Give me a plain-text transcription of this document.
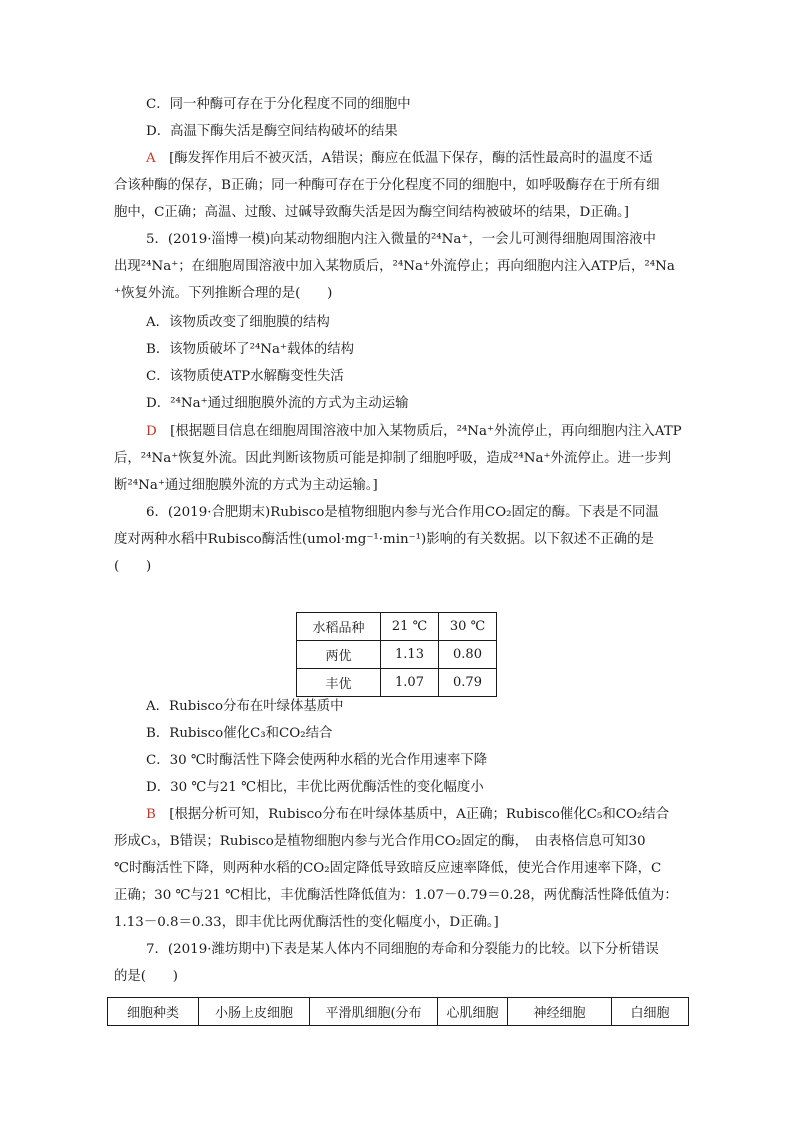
C．同一种酶可存在于分化程度不同的细胞中
D．高温下酶失活是酶空间结构破坏的结果
A　 [酶发挥作用后不被灭活，A错误；酶应在低温下保存，酶的活性最高时的温度不适
合该种酶的保存，B正确；同一种酶可存在于分化程度不同的细胞中，如呼吸酶存在于所有细
胞中，C正确；高温、过酸、过碱导致酶失活是因为酶空间结构被破坏的结果，D正确。]
5．(2019·淄博一模)向某动物细胞内注入微量的²⁴Na⁺，一会儿可测得细胞周围溶液中
出现²⁴Na⁺；在细胞周围溶液中加入某物质后，²⁴Na⁺外流停止；再向细胞内注入ATP后，²⁴Na
⁺恢复外流。下列推断合理的是(　　)
A．该物质改变了细胞膜的结构
B．该物质破坏了²⁴Na⁺载体的结构
C．该物质使ATP水解酶变性失活
D．²⁴Na⁺通过细胞膜外流的方式为主动运输
D　 [根据题目信息在细胞周围溶液中加入某物质后，²⁴Na⁺外流停止，再向细胞内注入ATP
后，²⁴Na⁺恢复外流。因此判断该物质可能是抑制了细胞呼吸，造成²⁴Na⁺外流停止。进一步判
断²⁴Na⁺通过细胞膜外流的方式为主动运输。]
6．(2019·合肥期末)Rubisco是植物细胞内参与光合作用CO₂固定的酶。下表是不同温
度对两种水稻中Rubisco酶活性(umol·mg⁻¹·min⁻¹)影响的有关数据。以下叙述不正确的是
(　　)
水稻品种	21 ℃	30 ℃
两优	1.13	0.80
丰优	1.07	0.79
A．Rubisco分布在叶绿体基质中
B．Rubisco催化C₃和CO₂结合
C．30 ℃时酶活性下降会使两种水稻的光合作用速率下降
D．30 ℃与21 ℃相比，丰优比两优酶活性的变化幅度小
B　 [根据分析可知，Rubisco分布在叶绿体基质中，A正确；Rubisco催化C₅和CO₂结合
形成C₃，B错误；Rubisco是植物细胞内参与光合作用CO₂固定的酶，　由表格信息可知30
℃时酶活性下降，则两种水稻的CO₂固定降低导致暗反应速率降低，使光合作用速率下降，C
正确；30 ℃与21 ℃相比，丰优酶活性降低值为：1.07－0.79＝0.28，两优酶活性降低值为：
1.13－0.8＝0.33，即丰优比两优酶活性的变化幅度小，D正确。]
7．(2019·潍坊期中)下表是某人体内不同细胞的寿命和分裂能力的比较。以下分析错误
的是(　　)
细胞种类	小肠上皮细胞	平滑肌细胞(分布	心肌细胞	神经细胞	白细胞
